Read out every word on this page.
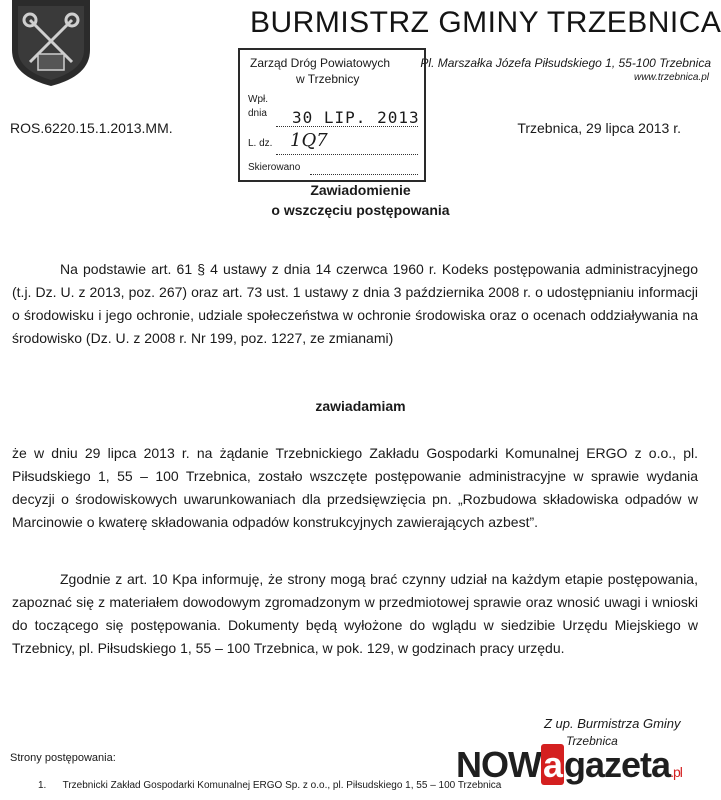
BURMISTRZ GMINY TRZEBNICA
Pl. Marszałka Józefa Piłsudskiego 1, 55-100 Trzebnica
www.trzebnica.pl
Zarząd Dróg Powiatowych
w Trzebnicy
Wpł.
dnia 30 LIP. 2013
L. dz. 1Q7
Skierowano
ROS.6220.15.1.2013.MM.	Trzebnica, 29 lipca 2013 r.
Zawiadomienie
o wszczęciu postępowania

Na podstawie art. 61 § 4 ustawy z dnia 14 czerwca 1960 r. Kodeks postępowania administracyjnego (t.j. Dz. U. z 2013, poz. 267) oraz art. 73 ust. 1 ustawy z dnia 3 października 2008 r. o udostępnianiu informacji o środowisku i jego ochronie, udziale społeczeństwa w ochronie środowiska oraz o ocenach oddziaływania na środowisko (Dz. U. z 2008 r. Nr 199, poz. 1227, ze zmianami)

zawiadamiam

że w dniu 29 lipca 2013 r. na żądanie Trzebnickiego Zakładu Gospodarki Komunalnej ERGO z o.o., pl. Piłsudskiego 1, 55 – 100 Trzebnica, zostało wszczęte postępowanie administracyjne w sprawie wydania decyzji o środowiskowych uwarunkowaniach dla przedsięwzięcia pn. „Rozbudowa składowiska odpadów w Marcinowie o kwaterę składowania odpadów konstrukcyjnych zawierających azbest”.

Zgodnie z art. 10 Kpa informuję, że strony mogą brać czynny udział na każdym etapie postępowania, zapoznać się z materiałem dowodowym zgromadzonym w przedmiotowej sprawie oraz wnosić uwagi i wnioski do toczącego się postępowania. Dokumenty będą wyłożone do wglądu w siedzibie Urzędu Miejskiego w Trzebnicy, pl. Piłsudskiego 1, 55 – 100 Trzebnica, w pok. 129, w godzinach pracy urzędu.

Z up. Burmistrza Gminy
Trzebnica
Strony postępowania:
1. Trzebnicki Zakład Gospodarki Komunalnej ERGO Sp. z o.o., pl. Piłsudskiego 1, 55 – 100 Trzebnica
NOWagazeta.pl
